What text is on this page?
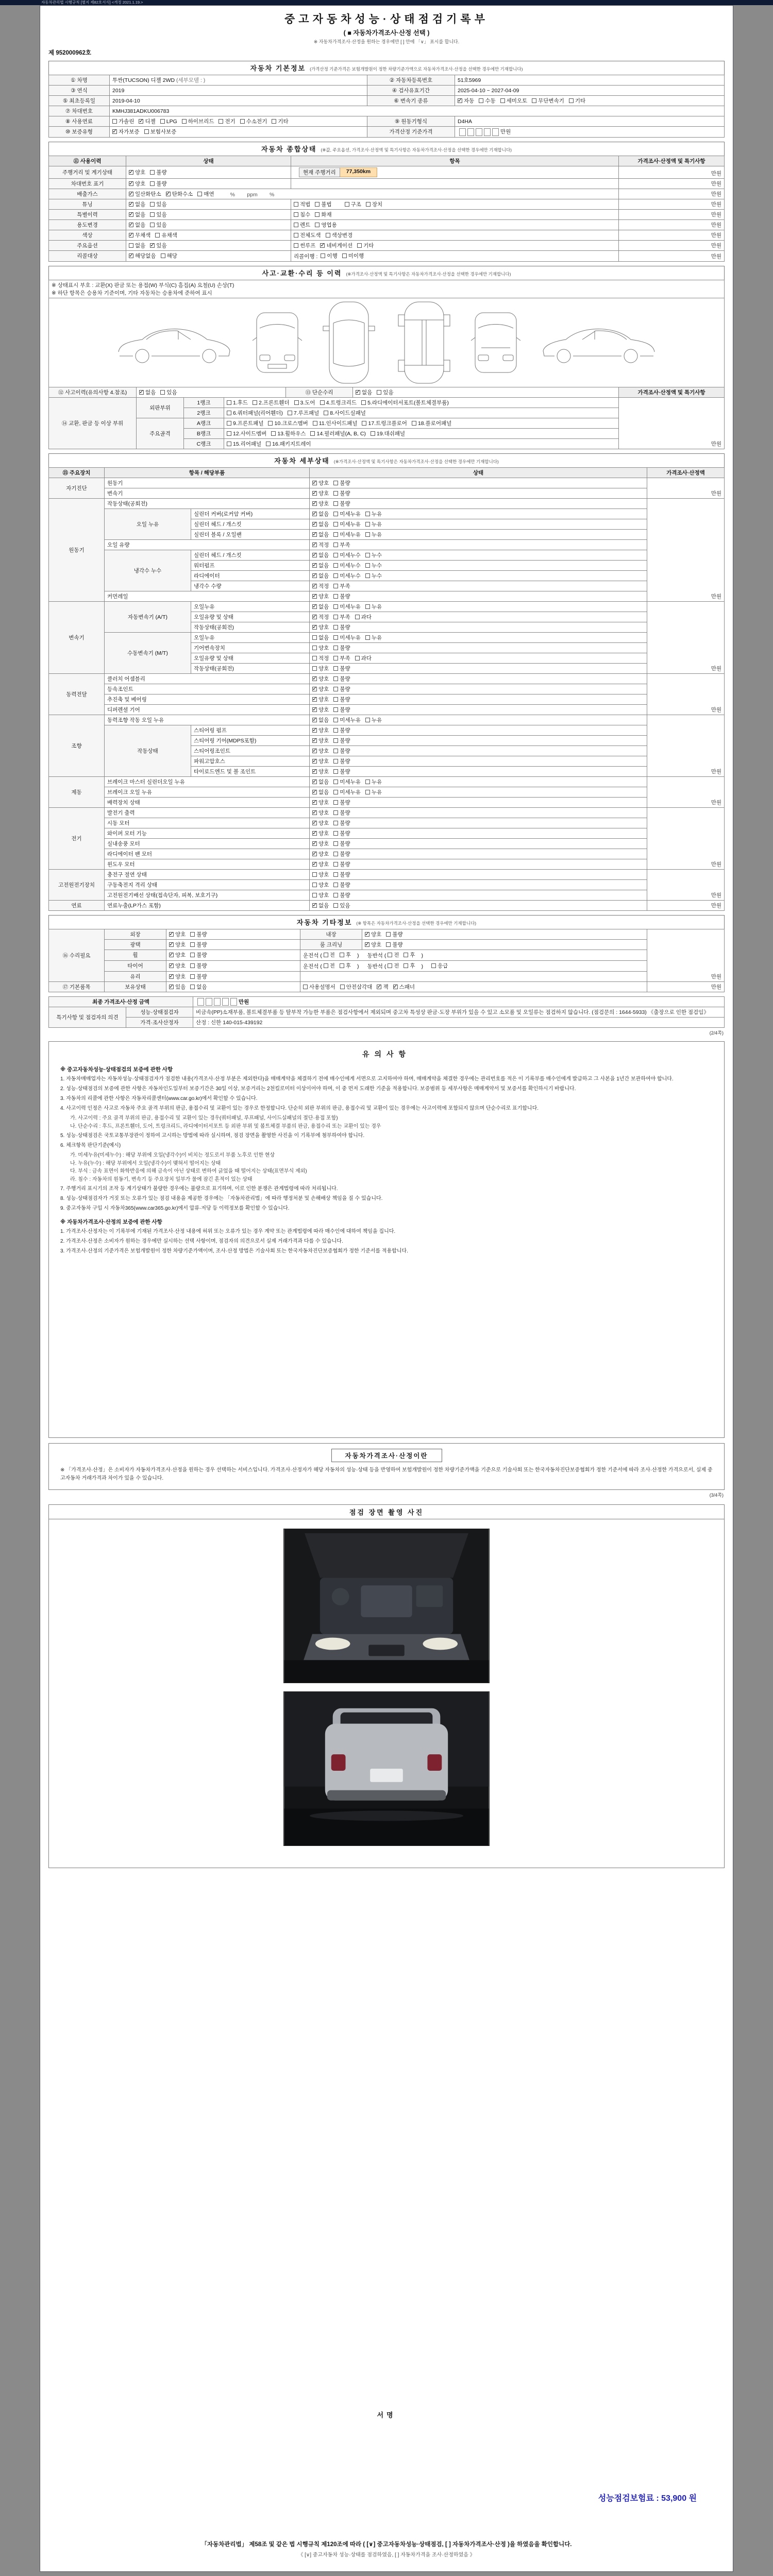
자동차관리법 시행규칙 [별지 제82호서식] <개정 2021.1.19.>
중고자동차성능·상태점검기록부
( ■ 자동차가격조사·산정 선택 )
※ 자동차가격조사·산정을 원하는 경우에만 [ ] 안에 「∨」 표시를 합니다.
제 952000962호
자동차 기본정보 (가격산정 기준가격은 보험개발원이 정한 차량기준가액으로 자동차가격조사·산정을 선택한 경우에만 기재합니다)
① 차명	투싼(TUCSON) 디젤 2WD (세부모델 : )	② 자동차등록번호	51호5969
③ 연식	2019	④ 검사유효기간	2025-04-10 ~ 2027-04-09
⑤ 최초등록일	2019-04-10	⑥ 변속기 종류	
✓자동 수동 세미오토 무단변속기 기타

⑦ 차대번호	KMHJ381ADKU006783		
⑧ 사용연료	가솔린 ✓ 디젤 LPG 하이브리드 전기 수소전기 기타	⑨ 원동기형식	D4HA
⑩ 보증유형	
✓자가보증 보험사보증	가격산정 기준가격	만원
자동차 종합상태 (※값, 주요옵션, 가격조사·산정액 및 특기사항은 자동차가격조사·산정을 선택한 경우에만 기재합니다)
⑪ 사용이력	상태	항목	가격조사·산정액 및 특기사항
주행거리 및 계기상태	
✓양호 불량	현재 주행거리 77,350km	만원
차대번호 표기	
✓양호 불량		만원
배출가스	
✓일산화탄소 ✓ 탄화수소 매연 %        ppm        %		만원
튜닝	
✓없음 있음	적법 불법 구조 장치	만원
특별이력	
✓없음 있음	침수 화재	만원
용도변경	
✓없음 있음	렌트 영업용	만원
색상	
✓무채색 유채색	전체도색 색상변경	만원
주요옵션	없음 ✓ 있음	썬루프 ✓ 네비게이션 기타	만원
리콜대상	
✓해당없음 해당	리콜이행 : 이행 미이행	만원
사고·교환·수리 등 이력 (※가격조사·산정액 및 특기사항은 자동차가격조사·산정을 선택한 경우에만 기재합니다)
※ 상태표시 부호 : 교환(X) 판금 또는 용접(W) 부식(C) 흠집(A) 요철(U) 손상(T)
※ 하단 항목은 승용차 기준이며, 기타 자동차는 승용차에 준하여 표시

⑫ 사고이력(유의사항 4.참조)	
✓없음 있음	⑬ 단순수리	
✓없음 있음	가격조사·산정액 및 특기사항
⑭ 교환, 판금 등 이상 부위	외판부위	1랭크	1.후드 2.프론트휀더 3.도어 4.트렁크리드 5.라디에이터서포트(볼트체결부품)	만원
		2랭크	6.쿼터패널(리어휀더) 7.루프패널 8.사이드실패널	

	주요골격	A랭크	9.프론트패널 10.크로스멤버 11.인사이드패널 17.트렁크플로어 18.플로어패널	

		B랭크	12.사이드멤버 13.휠하우스 14.필러패널(A, B, C) 19.대쉬패널	

		C랭크	15.리어패널 16.패키지트레이	
자동차 세부상태 (※가격조사·산정액 및 특기사항은 자동차가격조사·산정을 선택한 경우에만 기재합니다)
⑮ 주요장치	항목 / 해당부품		상태	가격조사·산정액
자기진단	원동기	
✓양호 불량	만원
	변속기	
✓양호 불량

원동기	작동상태(공회전)	
✓양호 불량	만원
	오일 누유	실린더 커버(로커암 커버)	
✓없음 미세누유 누유

		실린더 헤드 / 개스킷	
✓없음 미세누유 누유

		실린더 블록 / 오일팬	
✓없음 미세누유 누유

	오일 유량	
✓적정 부족

	냉각수 누수	실린더 헤드 / 개스킷	
✓없음 미세누수 누수

		워터펌프	
✓없음 미세누수 누수

		라디에이터	
✓없음 미세누수 누수

		냉각수 수량	
✓적정 부족

	커먼레일	
✓양호 불량

변속기	자동변속기 (A/T)	오일누유	
✓없음 미세누유 누유	만원
		오일유량 및 상태	
✓적정 부족 과다

		작동상태(공회전)	
✓양호 불량

	수동변속기 (M/T)	오일누유	없음 미세누유 누유	

		기어변속장치	양호 불량	

		오일유량 및 상태	적정 부족 과다	

		작동상태(공회전)	양호 불량	

동력전달	클러치 어셈블리	
✓양호 불량	만원
	등속조인트	
✓양호 불량

	추진축 및 베어링	
✓양호 불량

	디퍼렌셜 기어	
✓양호 불량

조향	동력조향 작동 오일 누유	
✓없음 미세누유 누유	만원
	작동상태	스티어링 펌프	
✓양호 불량

		스티어링 기어(MDPS포함)	
✓양호 불량

		스티어링조인트	
✓양호 불량

		파워고압호스	
✓양호 불량

		타이로드엔드 및 볼 조인트	
✓양호 불량

제동	브레이크 마스터 실린더오일 누유	
✓없음 미세누유 누유	만원
	브레이크 오일 누유	
✓없음 미세누유 누유

	배력장치 상태	
✓양호 불량

전기	발전기 출력	
✓양호 불량	만원
	시동 모터	
✓양호 불량

	와이퍼 모터 기능	
✓양호 불량

	실내송풍 모터	
✓양호 불량

	라디에이터 팬 모터	
✓양호 불량

	윈도우 모터	
✓양호 불량

고전원전기장치	충전구 절연 상태		양호 불량	만원
	구동축전지 격리 상태		양호 불량	

	고전원전기배선 상태(접속단자, 피복, 보호기구)		양호 불량	

연료	연료누출(LP가스 포함)	
✓없음 있음	만원
자동차 기타정보 (※ 항목은 자동차가격조사·산정을 선택한 경우에만 기재합니다)
⑯ 수리필요	외장	
✓양호 불량	내장	
✓양호 불량	만원
	광택	
✓양호 불량	룸 크리닝	
✓양호 불량

휠	
✓양호 불량	운전석 ( 전 후 ) 동반석 ( 전 후 )
타이어	
✓양호 불량	운전석 ( 전 후 ) 동반석 ( 전 후 )	응급

	유리	
✓양호 불량

⑰ 기본품목	보유상태	
✓있음 없음	사용설명서 안전삼각대 ✓ 잭 ✓ 스패너		만원
최종 가격조사·산정 금액	만원
특기사항 및 점검자의 의견	성능·상태점검자	비금속(PP)소재부품, 볼트체결부품 등 탈부착 가능한 부품은 점검사항에서 제외되며 중고차 특성상 판금·도장 부위가 있을 수 있고 소모품 및 오일류는 점검하지 않습니다. (점검문의 : 1644-5933) 《출장으로 인한 점검임》
	가격·조사산정자	산정 : 신한 140-015-439192
(2/4쪽)
유의사항
※ 중고자동차성능·상태점검의 보증에 관한 사항
1. 자동차매매업자는 자동차성능·상태점검자가 점검한 내용(가격조사·산정 부분은 제외한다)을 매매계약을 체결하기 전에 매수인에게 서면으로 고지하여야 하며, 매매계약을 체결한 경우에는 관리번호를 적은 이 기록부를 매수인에게 발급하고 그 사본을 1년간 보관하여야 합니다.
2. 성능·상태점검의 보증에 관한 사항은 자동차인도일부터 보증기간은 30일 이상, 보증거리는 2천킬로미터 이상이어야 하며, 이 중 먼저 도래한 기준을 적용합니다. 보증범위 등 세부사항은 매매계약서 및 보증서를 확인하시기 바랍니다.
3. 자동차의 리콜에 관한 사항은 자동차리콜센터(www.car.go.kr)에서 확인할 수 있습니다.
4. 사고이력 인정은 사고로 자동차 주요 골격 부위의 판금, 용접수리 및 교환이 있는 경우로 한정합니다. 단순히 외판 부위의 판금, 용접수리 및 교환이 있는 경우에는 사고이력에 포함되지 않으며 단순수리로 표기합니다.
가. 사고이력 : 주요 골격 부위의 판금, 용접수리 및 교환이 있는 경우(쿼터패널, 루프패널, 사이드실패널의 절단·용접 포함)
나. 단순수리 : 후드, 프론트휀더, 도어, 트렁크리드, 라디에이터서포트 등 외판 부위 및 볼트체결 부품의 판금, 용접수리 또는 교환이 있는 경우
5. 성능·상태점검은 국토교통부장관이 정하여 고시하는 방법에 따라 실시하며, 점검 장면을 촬영한 사진을 이 기록부에 첨부하여야 합니다.
6. 체크항목 판단기준(예시)
가. 미세누유(미세누수) : 해당 부위에 오일(냉각수)이 비치는 정도로서 부품 노후로 인한 현상
나. 누유(누수) : 해당 부위에서 오일(냉각수)이 맺혀서 떨어지는 상태
다. 부식 : 금속 표면이 화학반응에 의해 금속이 아닌 상태로 변하여 긁었을 때 떨어지는 상태(표면부식 제외)
라. 침수 : 자동차의 원동기, 변속기 등 주요장치 일부가 물에 잠긴 흔적이 있는 상태
7. 주행거리 표시기의 조작 등 계기상태가 불량한 경우에는 불량으로 표기하며, 이로 인한 분쟁은 관계법령에 따라 처리됩니다.
8. 성능·상태점검자가 거짓 또는 오류가 있는 점검 내용을 제공한 경우에는 「자동차관리법」에 따라 행정처분 및 손해배상 책임을 질 수 있습니다.
9. 중고자동차 구입 시 자동차365(www.car365.go.kr)에서 압류·저당 등 이력정보를 확인할 수 있습니다.
※ 자동차가격조사·산정의 보증에 관한 사항
1. 가격조사·산정자는 이 기록부에 기재된 가격조사·산정 내용에 허위 또는 오류가 있는 경우 계약 또는 관계법령에 따라 매수인에 대하여 책임을 집니다.
2. 가격조사·산정은 소비자가 원하는 경우에만 실시하는 선택 사항이며, 점검자의 의견으로서 실제 거래가격과 다를 수 있습니다.
3. 가격조사·산정의 기준가격은 보험개발원이 정한 차량기준가액이며, 조사·산정 방법은 기술사회 또는 한국자동차진단보증협회가 정한 기준서를 적용합니다.
자동차가격조사·산정이란

※ 「가격조사·산정」은 소비자가 자동차가격조사·산정을 원하는 경우 선택하는 서비스입니다. 가격조사·산정자가 해당 자동차의 성능·상태 등을 반영하여 보험개발원이 정한 차량기준가액을 기준으로 기술사회 또는 한국자동차진단보증협회가 정한 기준서에 따라 조사·산정한 가격으로서, 실제 중고자동차 거래가격과 차이가 있을 수 있습니다.

(3/4쪽)
점검 장면 촬영 사진
서명
성능점검보험료 : 53,900 원
「자동차관리법」 제58조 및 같은 법 시행규칙 제120조에 따라 ( [∨] 중고자동차성능·상태점검, [ ] 자동차가격조사·산정 )을 하였음을 확인합니다.
《 [∨] 중고자동차 성능·상태를 점검하였음, [ ] 자동차가격을 조사·산정하였음 》
